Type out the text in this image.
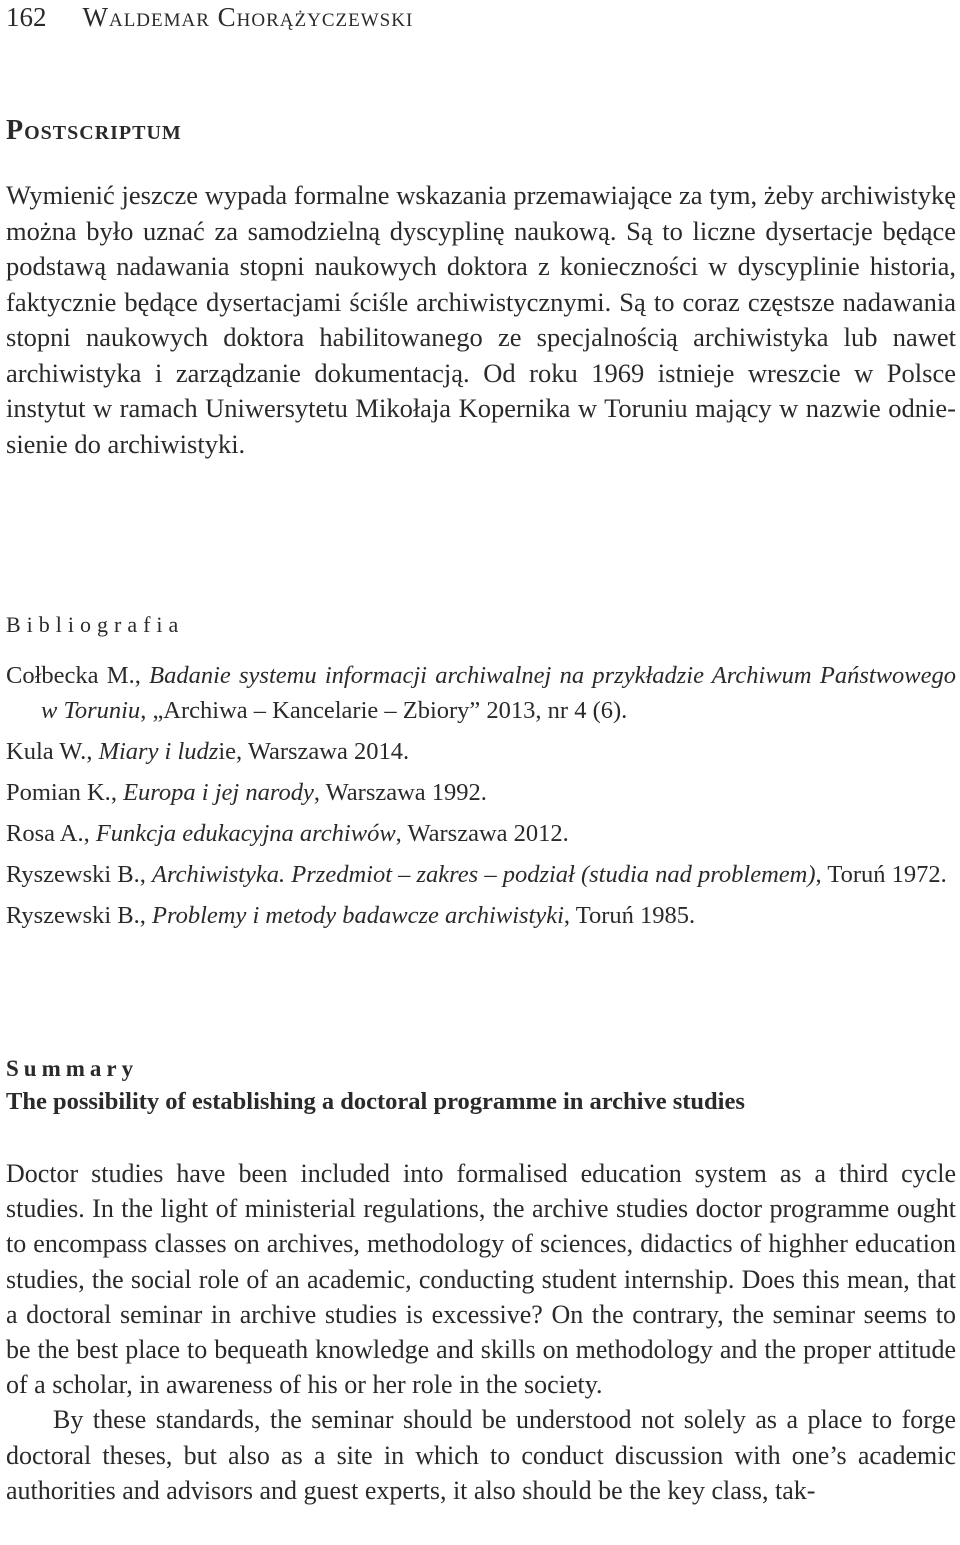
162 Waldemar Chorążyczewski
Postscriptum

Wymienić jeszcze wypada formalne wskazania przemawiające za tym, żeby archiwistykę można było uznać za samodzielną dyscyplinę naukową. Są to liczne dysertacje będące podstawą nadawania stopni naukowych doktora z konieczności w dyscyplinie historia, faktycznie będące dysertacjami ściśle archiwistycznymi. Są to coraz częstsze nadawania stopni naukowych doktora habilitowanego ze specjalnością archiwistyka lub nawet archiwistyka i zarządzanie dokumentacją. Od roku 1969 istnieje wreszcie w Polsce instytut w ramach Uniwersytetu Mikołaja Kopernika w Toruniu mający w nazwie odniesienie do archiwistyki.

Bibliografia
Cołbecka M., Badanie systemu informacji archiwalnej na przykładzie Archiwum Państwowego w Toruniu, „Archiwa – Kancelarie – Zbiory” 2013, nr 4 (6).
Kula W., Miary i ludzie, Warszawa 2014.
Pomian K., Europa i jej narody, Warszawa 1992.
Rosa A., Funkcja edukacyjna archiwów, Warszawa 2012.
Ryszewski B., Archiwistyka. Przedmiot – zakres – podział (studia nad problemem), Toruń 1972.
Ryszewski B., Problemy i metody badawcze archiwistyki, Toruń 1985.
Summary
The possibility of establishing a doctoral programme in archive studies

Doctor studies have been included into formalised education system as a third cycle studies. In the light of ministerial regulations, the archive studies doctor programme ought to encompass classes on archives, methodology of sciences, didactics of highher education studies, the social role of an academic, conducting student internship. Does this mean, that a doctoral seminar in archive studies is excessive? On the contrary, the seminar seems to be the best place to bequeath knowledge and skills on methodology and the proper attitude of a scholar, in awareness of his or her role in the society.

By these standards, the seminar should be understood not solely as a place to forge doctoral theses, but also as a site in which to conduct discussion with one’s academic authorities and advisors and guest experts, it also should be the key class, tak-
